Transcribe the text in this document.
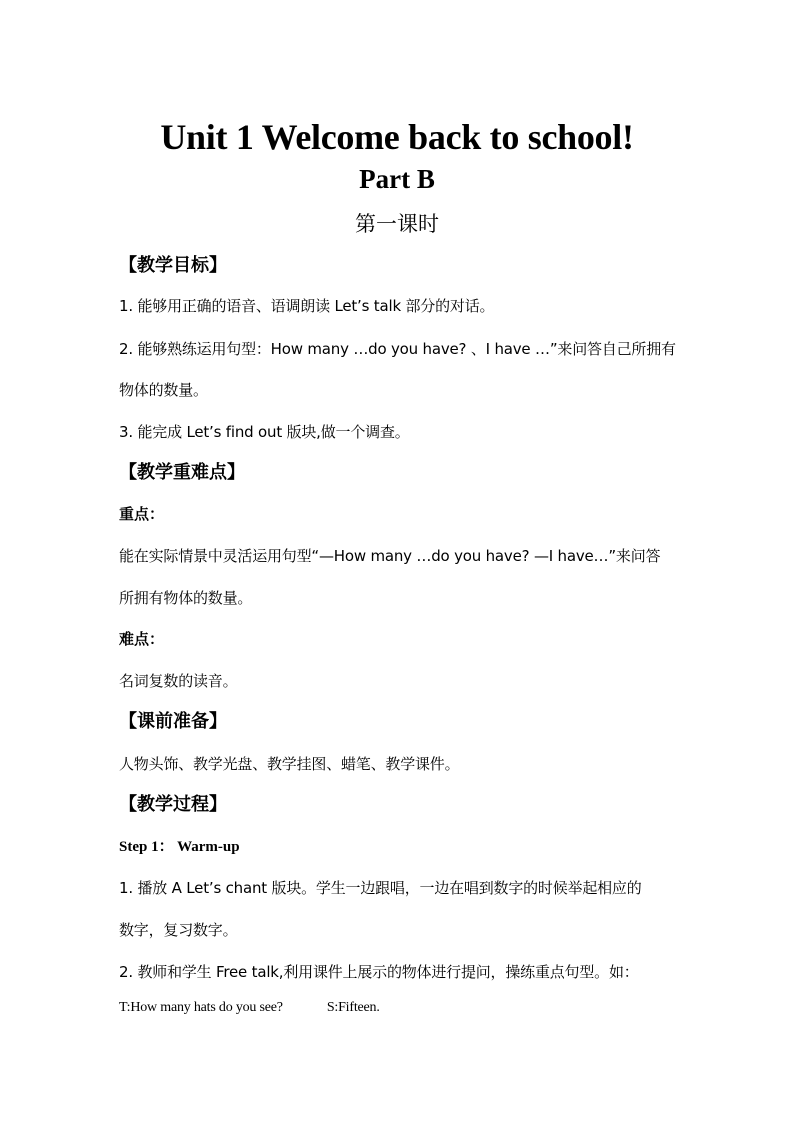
Unit 1 Welcome back to school!
Part B
第一课时
【教学目标】
1. 能够用正确的语音、语调朗读 Let’s talk 部分的对话。
2. 能够熟练运用句型：How many …do you have? 、I have …”来问答自己所拥有
物体的数量。
3. 能完成 Let’s find out 版块,做一个调查。
【教学重难点】
重点：
能在实际情景中灵活运用句型“—How many …do you have? —I have…”来问答
所拥有物体的数量。
难点：
名词复数的读音。
【课前准备】
人物头饰、教学光盘、教学挂图、蜡笔、教学课件。
【教学过程】
Step 1： Warm-up
1. 播放 A Let’s chant 版块。学生一边跟唱，一边在唱到数字的时候举起相应的
数字，复习数字。
2. 教师和学生 Free talk,利用课件上展示的物体进行提问，操练重点句型。如：
T:How many hats do you see?	S:Fifteen.
